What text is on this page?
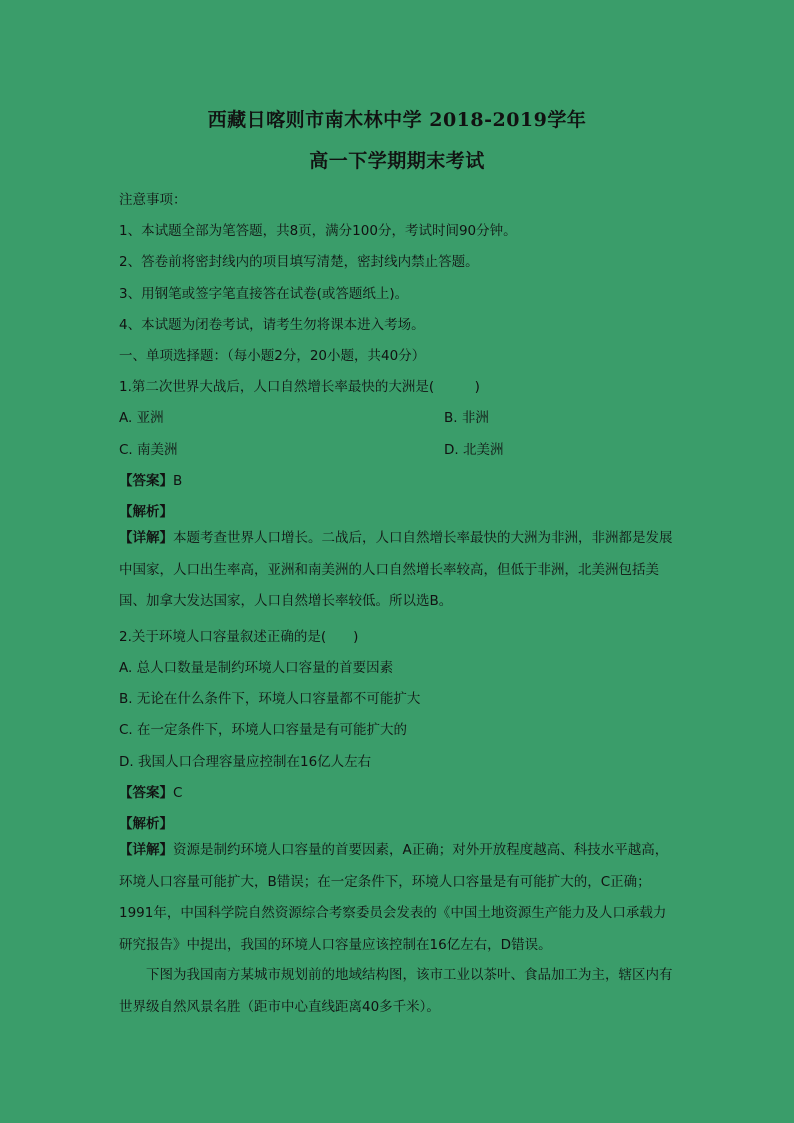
西藏日喀则市南木林中学 2018-2019学年
高一下学期期末考试
注意事项：
1、本试题全部为笔答题，共8页，满分100分，考试时间90分钟。
2、答卷前将密封线内的项目填写清楚，密封线内禁止答题。
3、用钢笔或签字笔直接答在试卷(或答题纸上)。
4、本试题为闭卷考试，请考生勿将课本进入考场。
一、单项选择题：（每小题2分，20小题，共40分）
1.第二次世界大战后，人口自然增长率最快的大洲是(　　　)
A. 亚洲	B. 非洲
C. 南美洲	D. 北美洲
【答案】B
【解析】
【详解】本题考查世界人口增长。二战后，人口自然增长率最快的大洲为非洲，非洲都是发展中国家，人口出生率高，亚洲和南美洲的人口自然增长率较高，但低于非洲，北美洲包括美国、加拿大发达国家，人口自然增长率较低。所以选B。
2.关于环境人口容量叙述正确的是(　　)
A. 总人口数量是制约环境人口容量的首要因素
B. 无论在什么条件下，环境人口容量都不可能扩大
C. 在一定条件下，环境人口容量是有可能扩大的
D. 我国人口合理容量应控制在16亿人左右
【答案】C
【解析】
【详解】资源是制约环境人口容量的首要因素，A正确；对外开放程度越高、科技水平越高，环境人口容量可能扩大，B错误；在一定条件下，环境人口容量是有可能扩大的，C正确；1991年，中国科学院自然资源综合考察委员会发表的《中国土地资源生产能力及人口承载力研究报告》中提出，我国的环境人口容量应该控制在16亿左右，D错误。
下图为我国南方某城市规划前的地域结构图，该市工业以茶叶、食品加工为主，辖区内有世界级自然风景名胜（距市中心直线距离40多千米）。
